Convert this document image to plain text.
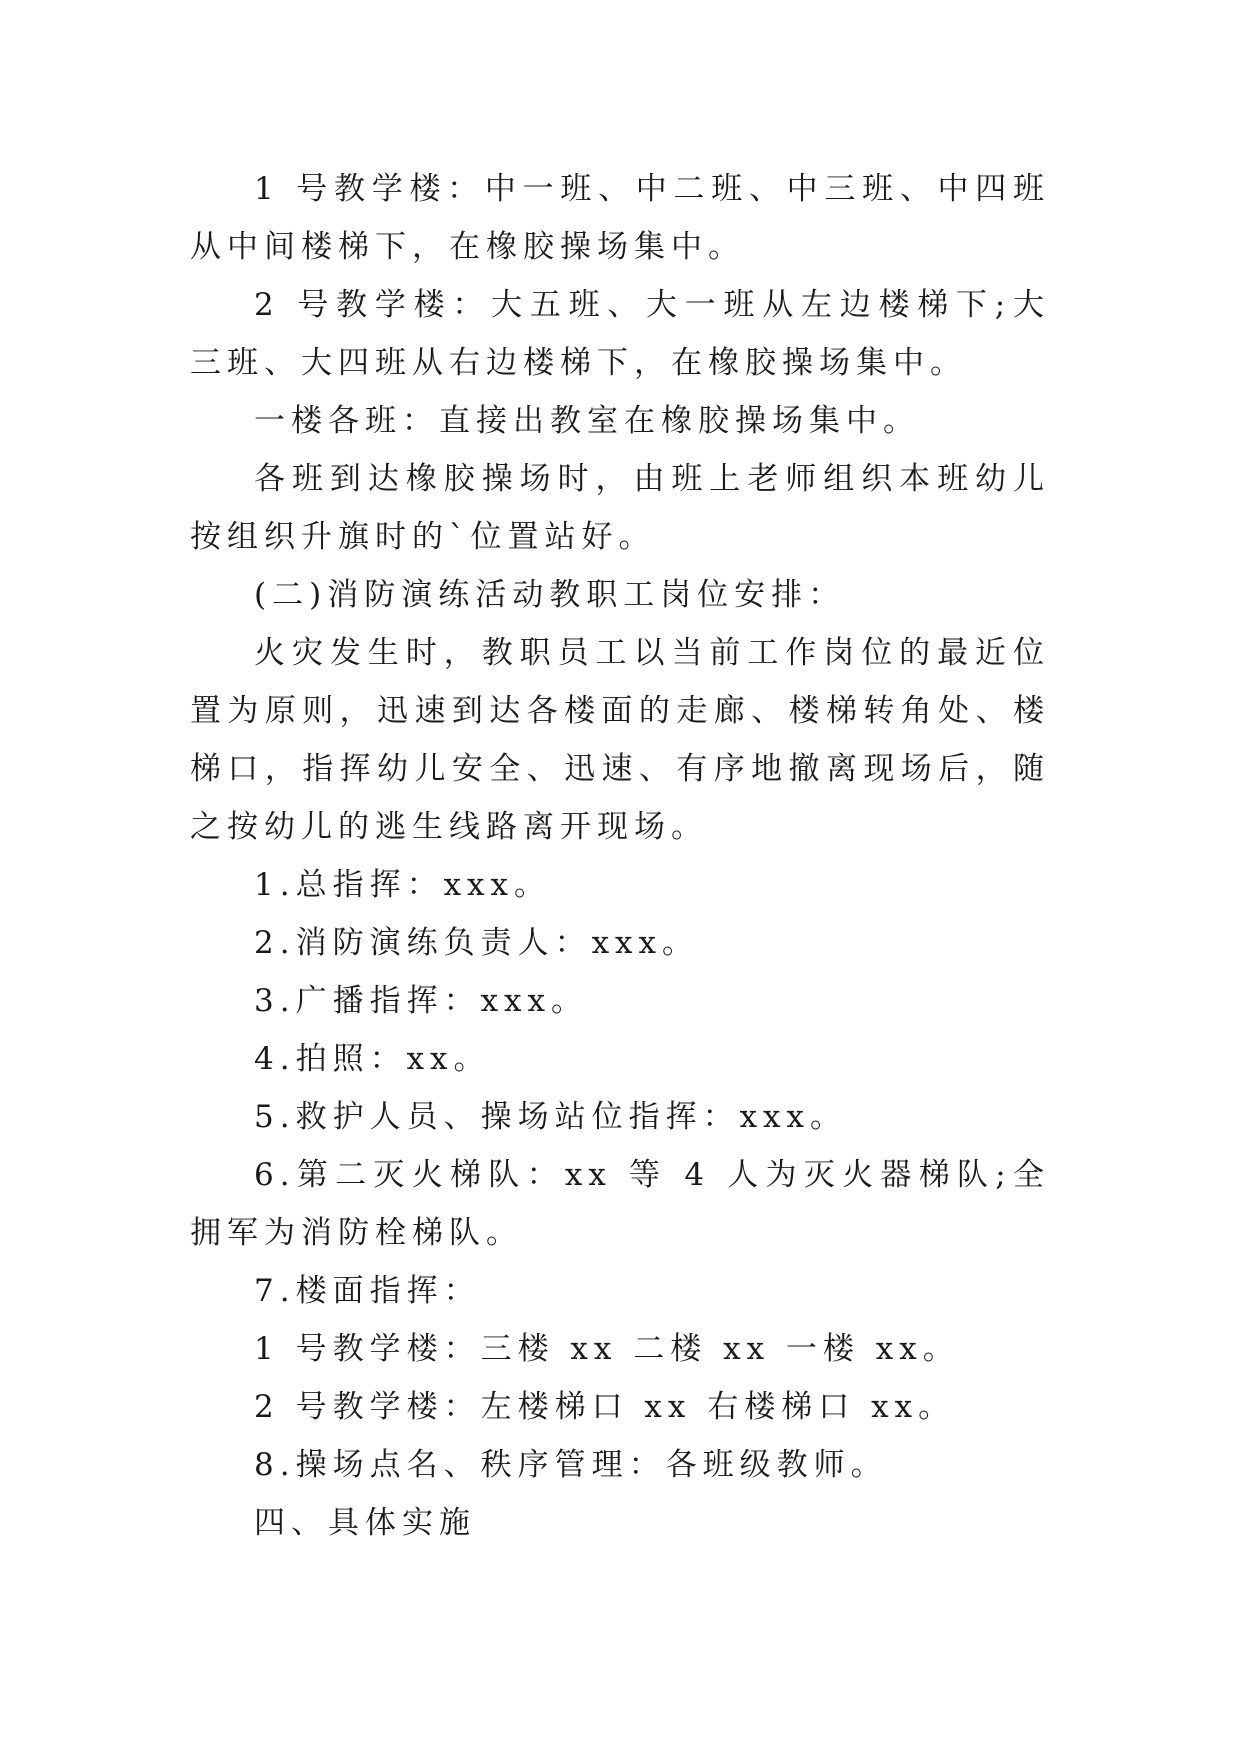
1 号教学楼：中一班、中二班、中三班、中四班从中间楼梯下，在橡胶操场集中。

2 号教学楼：大五班、大一班从左边楼梯下;大三班、大四班从右边楼梯下，在橡胶操场集中。

一楼各班：直接出教室在橡胶操场集中。

各班到达橡胶操场时，由班上老师组织本班幼儿按组织升旗时的`位置站好。

(二)消防演练活动教职工岗位安排：

火灾发生时，教职员工以当前工作岗位的最近位置为原则，迅速到达各楼面的走廊、楼梯转角处、楼梯口，指挥幼儿安全、迅速、有序地撤离现场后，随之按幼儿的逃生线路离开现场。

1.总指挥：xxx。

2.消防演练负责人：xxx。

3.广播指挥：xxx。

4.拍照：xx。

5.救护人员、操场站位指挥：xxx。

6.第二灭火梯队：xx 等 4 人为灭火器梯队;全拥军为消防栓梯队。

7.楼面指挥：

1 号教学楼：三楼 xx 二楼 xx 一楼 xx。

2 号教学楼：左楼梯口 xx 右楼梯口 xx。

8.操场点名、秩序管理：各班级教师。

四、具体实施
